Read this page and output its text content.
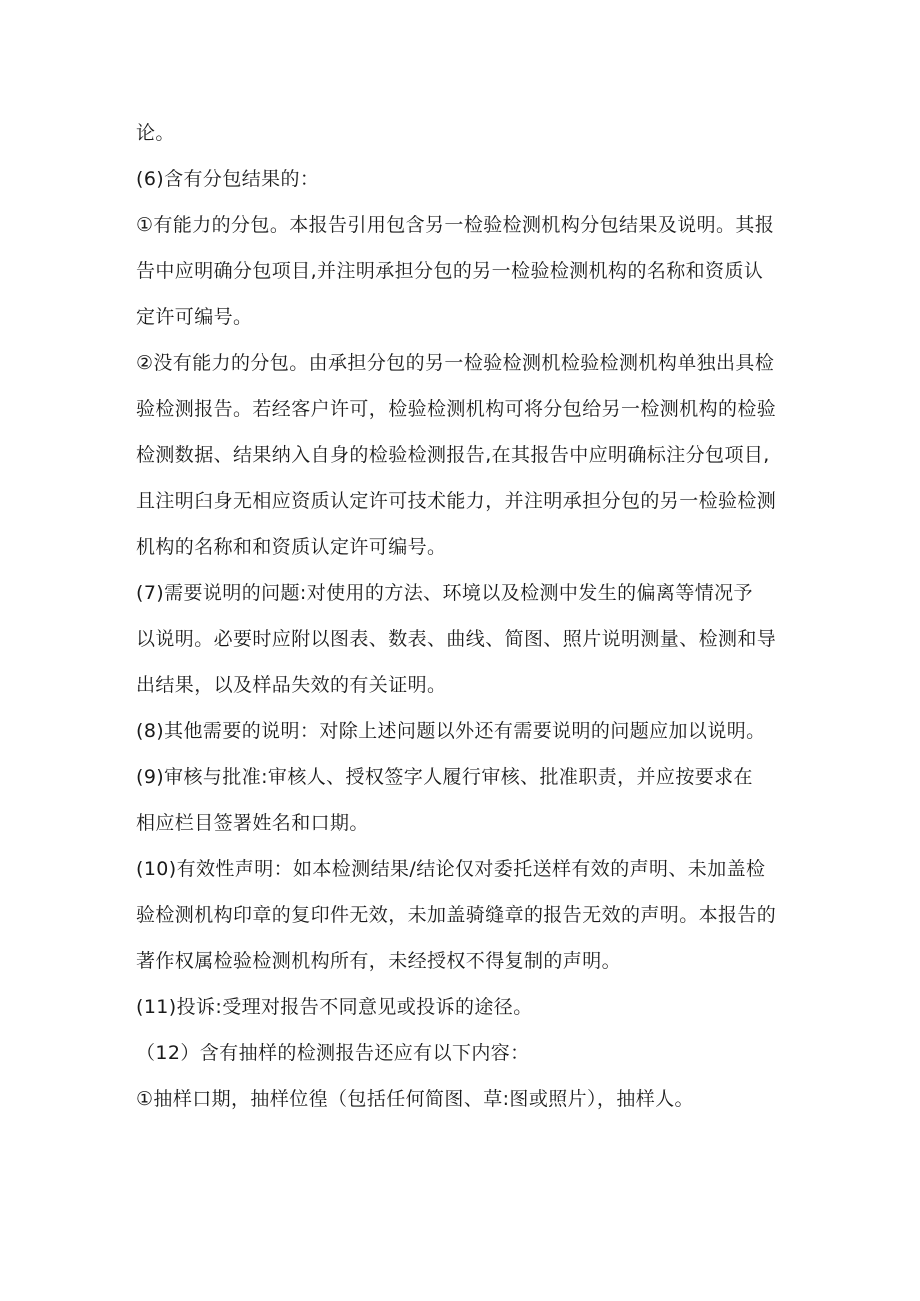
论。
(6)含有分包结果的：
①有能力的分包。本报告引用包含另一检验检测机构分包结果及说明。其报
告中应明确分包项目,并注明承担分包的另一检验检测机构的名称和资质认
定许可编号。
②没有能力的分包。由承担分包的另一检验检测机检验检测机构单独出具检
验检测报告。若经客户许可，检验检测机构可将分包给另一检测机构的检验
检测数据、结果纳入自身的检验检测报告,在其报告中应明确标注分包项目,
且注明臼身无相应资质认定许可技术能力，并注明承担分包的另一检验检测
机构的名称和和资质认定许可编号。
(7)需要说明的问题:对使用的方法、环境以及检测中发生的偏离等情况予
以说明。必要时应附以图表、数表、曲线、简图、照片说明测量、检测和导
出结果，以及样品失效的有关证明。
(8)其他需要的说明：对除上述问题以外还有需要说明的问题应加以说明。
(9)审核与批准:审核人、授权签字人履行审核、批准职责，并应按要求在
相应栏目签署姓名和口期。
(10)有效性声明：如本检测结果/结论仅对委托送样有效的声明、未加盖检
验检测机构印章的复印件无效，未加盖骑缝章的报告无效的声明。本报告的
著作权属检验检测机构所有，未经授权不得复制的声明。
(11)投诉:受理对报告不同意见或投诉的途径。
（12）含有抽样的检测报告还应有以下内容：
①抽样口期，抽样位徨（包括任何简图、草:图或照片），抽样人。
